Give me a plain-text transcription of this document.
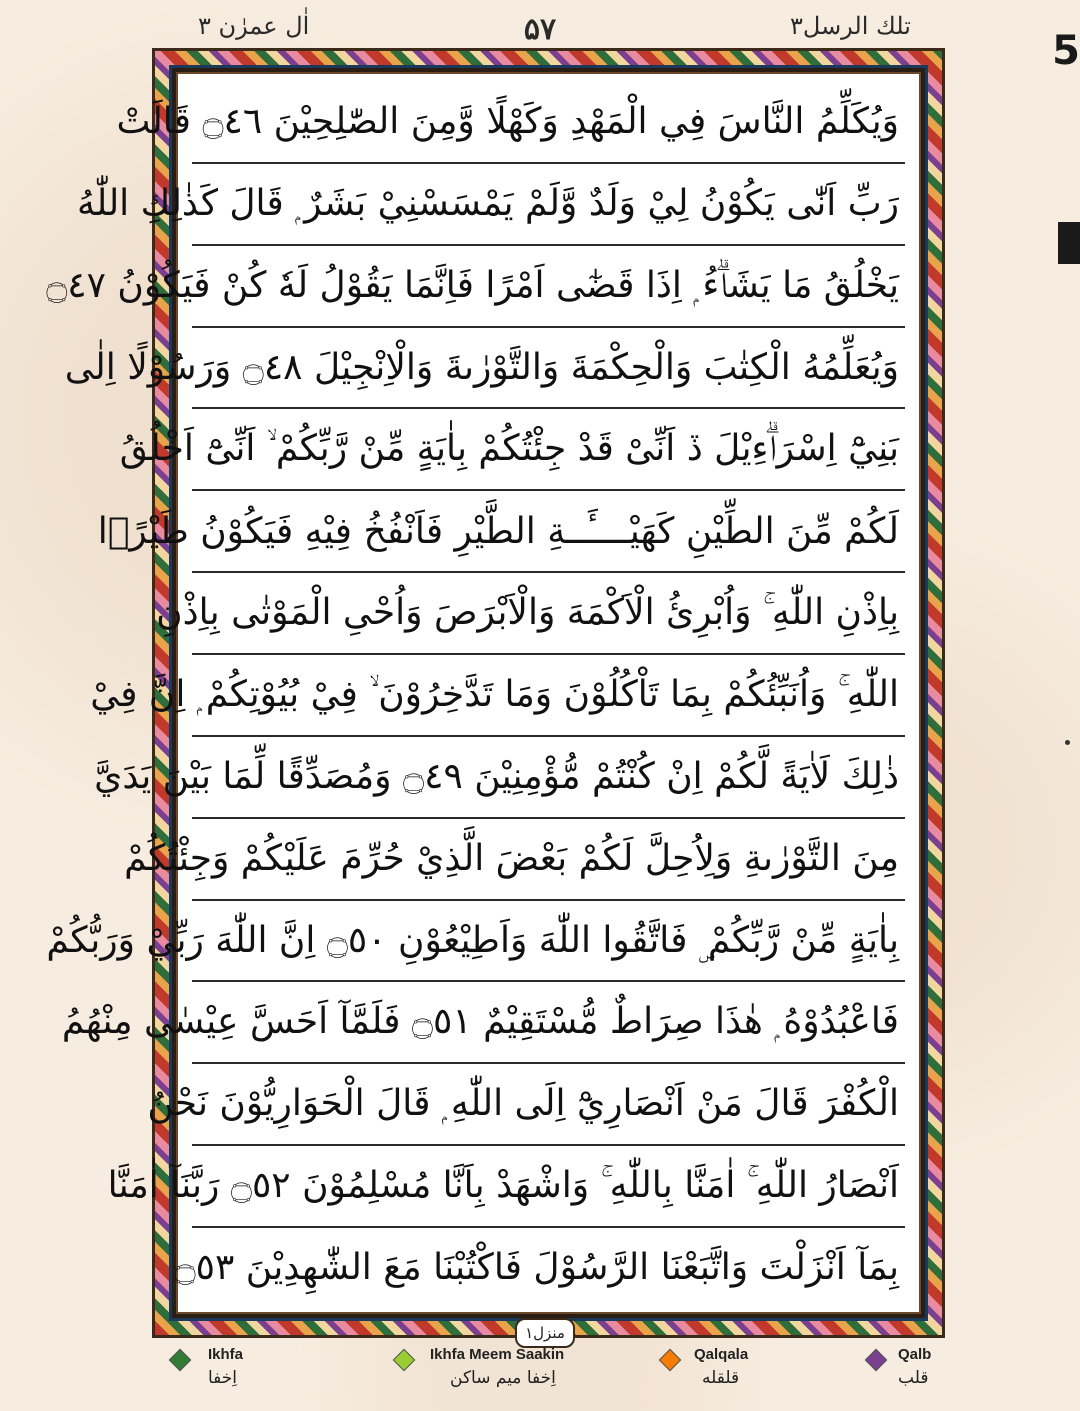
اٰل عمرٰن ۳	۵۷	تلك الرسل۳
5
وَيُكَلِّمُ النَّاسَ فِي الْمَهْدِ وَكَهْلًا وَّمِنَ الصّٰلِحِيْنَ ۝٤٦ قَالَتْ
رَبِّ اَنّٰى يَكُوْنُ لِيْ وَلَدٌ وَّلَمْ يَمْسَسْنِيْ بَشَرٌ ۭ قَالَ كَذٰلِكِ اللّٰهُ
يَخْلُقُ مَا يَشَاۗءُ ۭ اِذَا قَضٰٓى اَمْرًا فَاِنَّمَا يَقُوْلُ لَهٗ كُنْ فَيَكُوْنُ ۝٤٧
وَيُعَلِّمُهُ الْكِتٰبَ وَالْحِكْمَةَ وَالتَّوْرٰىةَ وَالْاِنْجِيْلَ ۝٤٨ وَرَسُوْلًا اِلٰى
بَنِيْٓ اِسْرَاۗءِيْلَ ڏ اَنِّىْ قَدْ جِئْتُكُمْ بِاٰيَةٍ مِّنْ رَّبِّكُمْ ۙ اَنِّىْٓ اَخْلُقُ
لَكُمْ مِّنَ الطِّيْنِ كَهَيْــــَٔــةِ الطَّيْرِ فَاَنْفُخُ فِيْهِ فَيَكُوْنُ طَيْرًۢا
بِاِذْنِ اللّٰهِ ۚ وَاُبْرِئُ الْاَكْمَهَ وَالْاَبْرَصَ وَاُحْىِ الْمَوْتٰى بِاِذْنِ
اللّٰهِ ۚ وَاُنَبِّئُكُمْ بِمَا تَاْكُلُوْنَ وَمَا تَدَّخِرُوْنَ ۙ فِيْ بُيُوْتِكُمْ ۭ اِنَّ فِيْ
ذٰلِكَ لَاٰيَةً لَّكُمْ اِنْ كُنْتُمْ مُّؤْمِنِيْنَ ۝٤٩ وَمُصَدِّقًا لِّمَا بَيْنَ يَدَيَّ
مِنَ التَّوْرٰىةِ وَلِاُحِلَّ لَكُمْ بَعْضَ الَّذِيْ حُرِّمَ عَلَيْكُمْ وَجِئْتُكُمْ
بِاٰيَةٍ مِّنْ رَّبِّكُمْ ۣ فَاتَّقُوا اللّٰهَ وَاَطِيْعُوْنِ ۝٥٠ اِنَّ اللّٰهَ رَبِّيْ وَرَبُّكُمْ
فَاعْبُدُوْهُ ۭ ھٰذَا صِرَاطٌ مُّسْتَقِيْمٌ ۝٥١ فَلَمَّآ اَحَسَّ عِيْسٰى مِنْهُمُ
الْكُفْرَ قَالَ مَنْ اَنْصَارِيْٓ اِلَى اللّٰهِ ۭ قَالَ الْحَوَارِيُّوْنَ نَحْنُ
اَنْصَارُ اللّٰهِ ۚ اٰمَنَّا بِاللّٰهِ ۚ وَاشْهَدْ بِاَنَّا مُسْلِمُوْنَ ۝٥٢ رَبَّنَآ اٰمَنَّا
بِمَآ اَنْزَلْتَ وَاتَّبَعْنَا الرَّسُوْلَ فَاكْتُبْنَا مَعَ الشّٰهِدِيْنَ ۝٥٣
منزل۱
Ikhfa
اِخفا
Ikhfa Meem Saakin
اِخفا میم ساکن
Qalqala
قلقله
Qalb
قلب
